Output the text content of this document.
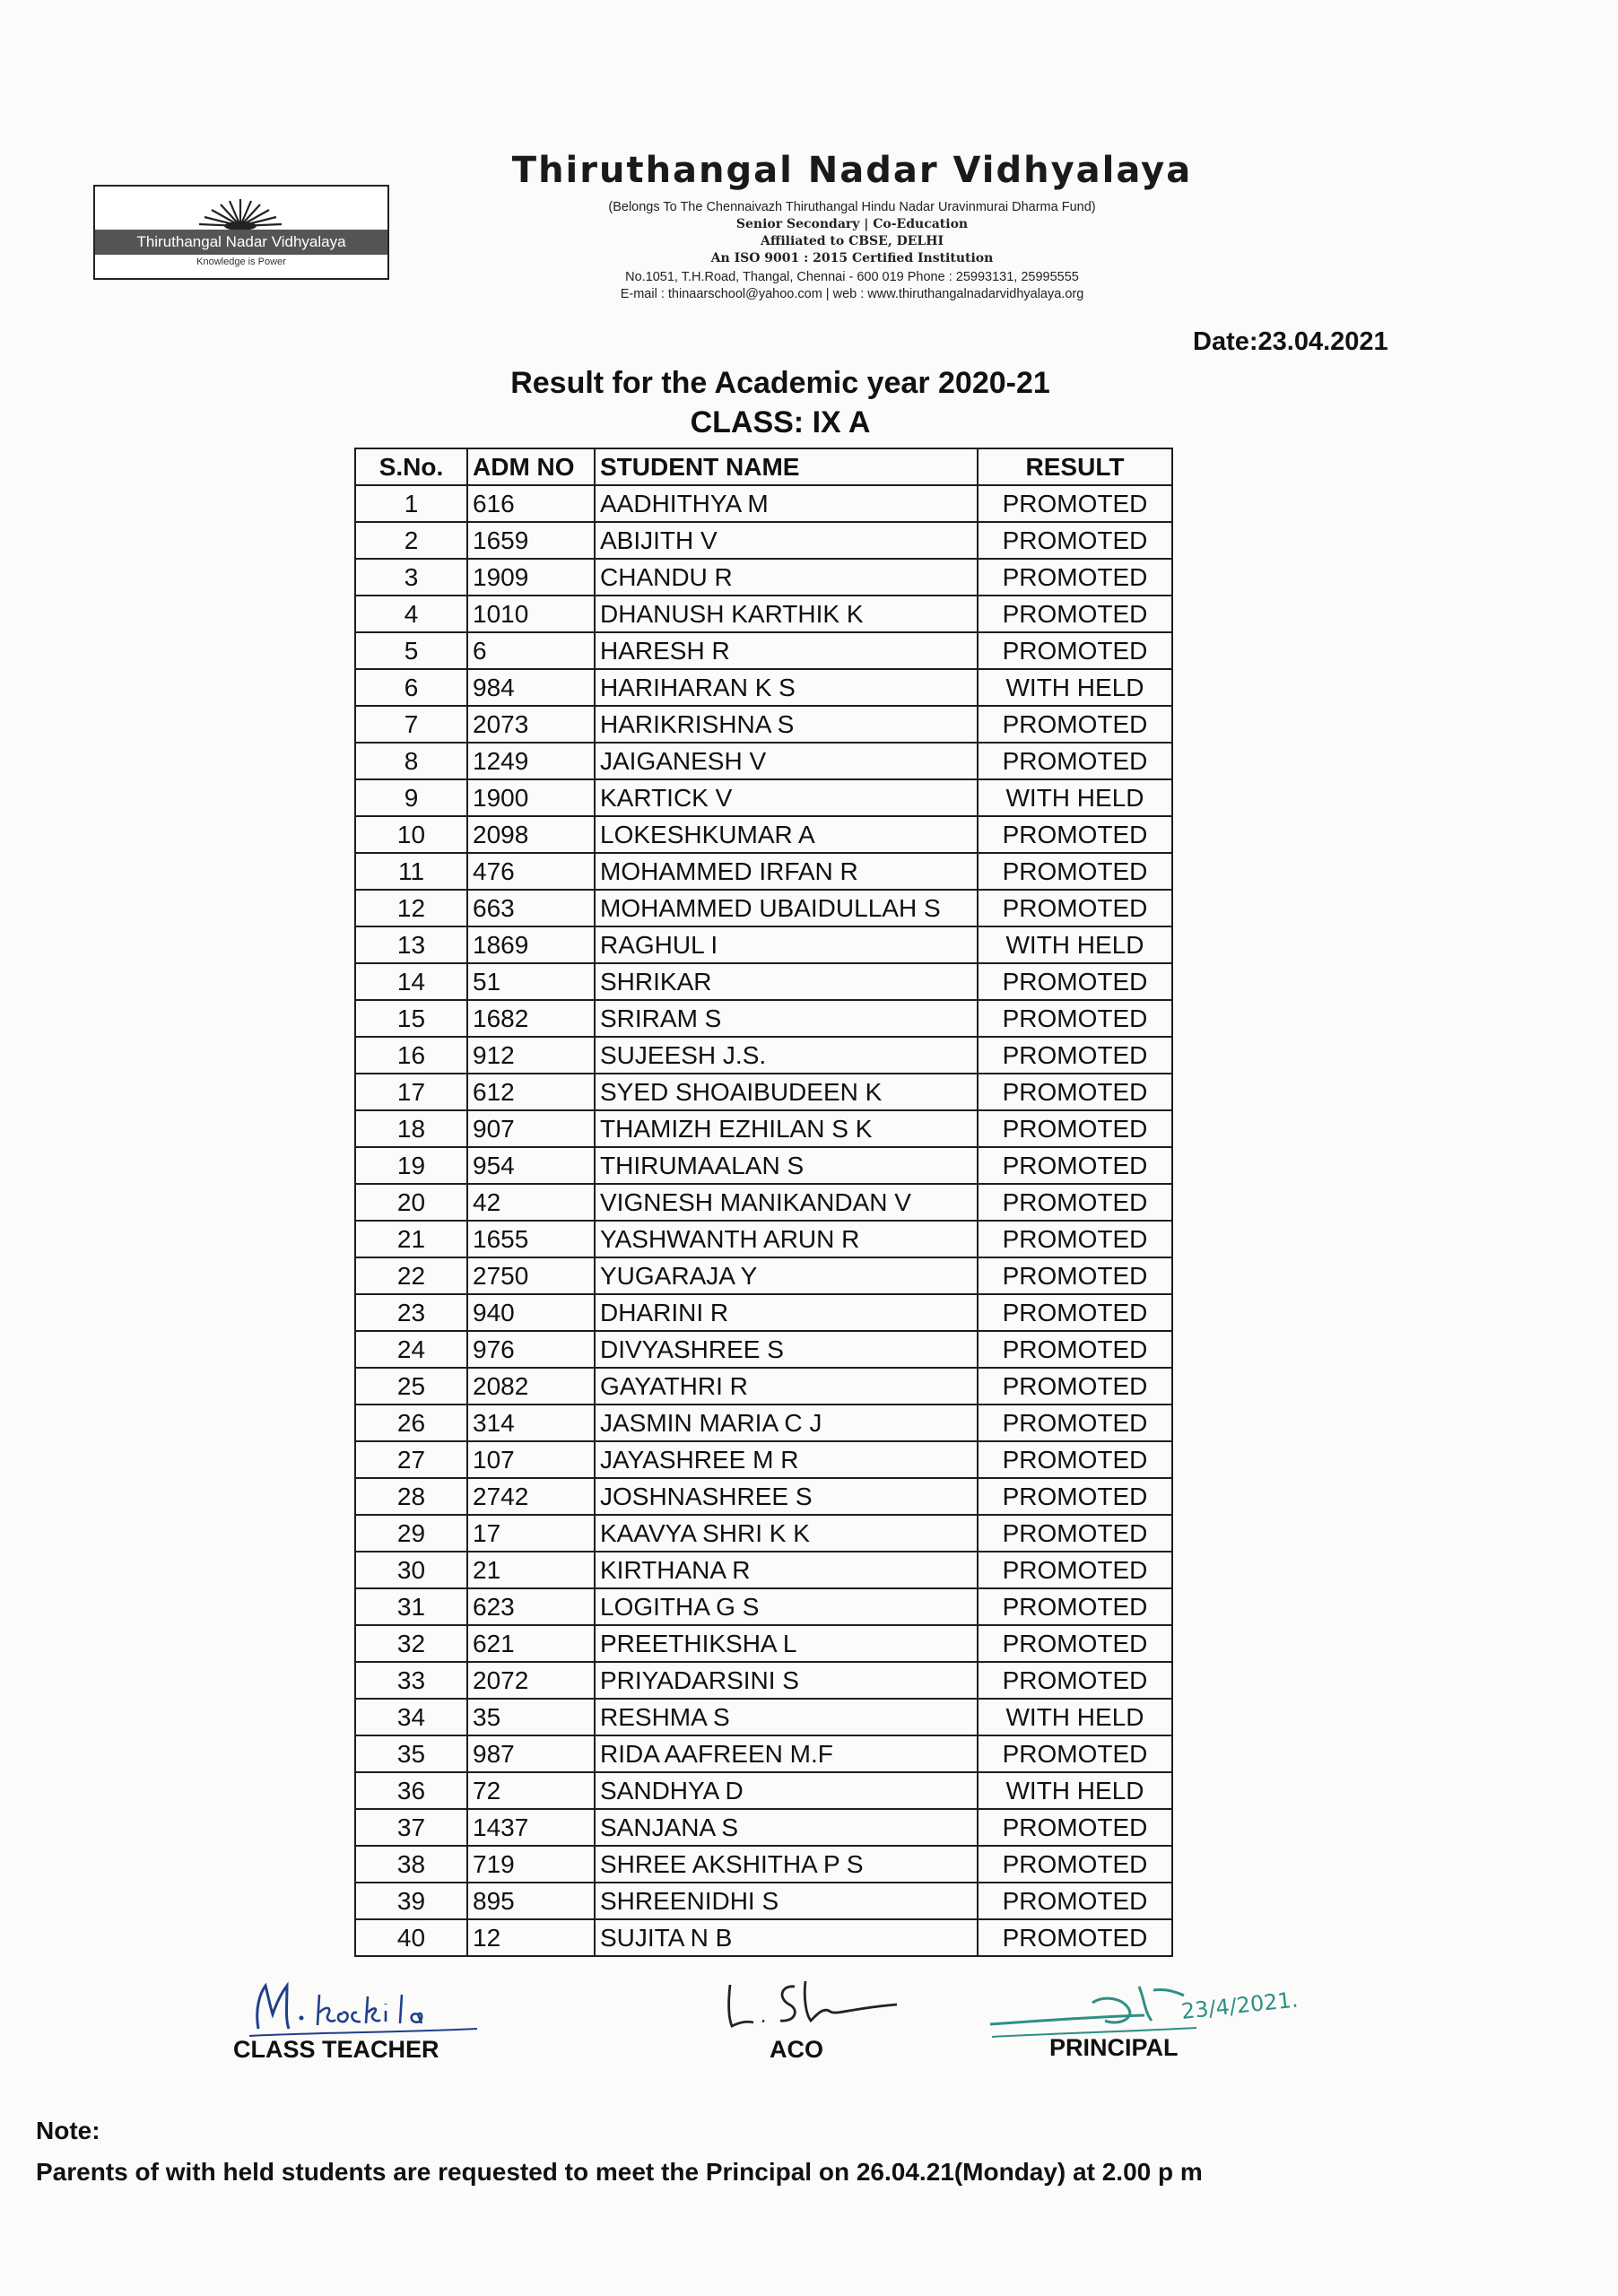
Thiruthangal Nadar Vidhyalaya
Knowledge is Power
Thiruthangal Nadar Vidhyalaya
(Belongs To The Chennaivazh Thiruthangal Hindu Nadar Uravinmurai Dharma Fund)
Senior Secondary | Co-Education
Affiliated to CBSE, DELHI
An ISO 9001 : 2015 Certified Institution
No.1051, T.H.Road, Thangal, Chennai - 600 019 Phone : 25993131, 25995555
E-mail : thinaarschool@yahoo.com | web : www.thiruthangalnadarvidhyalaya.org
Date:23.04.2021
Result for the Academic year 2020-21
CLASS: IX A
S.No.	ADM NO	STUDENT NAME	RESULT
1	616	AADHITHYA M	PROMOTED
2	1659	ABIJITH V	PROMOTED
3	1909	CHANDU R	PROMOTED
4	1010	DHANUSH KARTHIK K	PROMOTED
5	6	HARESH R	PROMOTED
6	984	HARIHARAN K S	WITH HELD
7	2073	HARIKRISHNA S	PROMOTED
8	1249	JAIGANESH V	PROMOTED
9	1900	KARTICK V	WITH HELD
10	2098	LOKESHKUMAR A	PROMOTED
11	476	MOHAMMED IRFAN R	PROMOTED
12	663	MOHAMMED UBAIDULLAH S	PROMOTED
13	1869	RAGHUL I	WITH HELD
14	51	SHRIKAR	PROMOTED
15	1682	SRIRAM S	PROMOTED
16	912	SUJEESH J.S.	PROMOTED
17	612	SYED SHOAIBUDEEN K	PROMOTED
18	907	THAMIZH EZHILAN S K	PROMOTED
19	954	THIRUMAALAN S	PROMOTED
20	42	VIGNESH MANIKANDAN V	PROMOTED
21	1655	YASHWANTH ARUN R	PROMOTED
22	2750	YUGARAJA Y	PROMOTED
23	940	DHARINI R	PROMOTED
24	976	DIVYASHREE S	PROMOTED
25	2082	GAYATHRI R	PROMOTED
26	314	JASMIN MARIA C J	PROMOTED
27	107	JAYASHREE M R	PROMOTED
28	2742	JOSHNASHREE S	PROMOTED
29	17	KAAVYA SHRI K K	PROMOTED
30	21	KIRTHANA R	PROMOTED
31	623	LOGITHA G S	PROMOTED
32	621	PREETHIKSHA L	PROMOTED
33	2072	PRIYADARSINI S	PROMOTED
34	35	RESHMA S	WITH HELD
35	987	RIDA AAFREEN M.F	PROMOTED
36	72	SANDHYA D	WITH HELD
37	1437	SANJANA S	PROMOTED
38	719	SHREE AKSHITHA P S	PROMOTED
39	895	SHREENIDHI S	PROMOTED
40	12	SUJITA N B	PROMOTED
CLASS TEACHER	ACO
23/4/2021.
PRINCIPAL
Note:
Parents of with held students are requested to meet the Principal on 26.04.21(Monday) at 2.00 p m
